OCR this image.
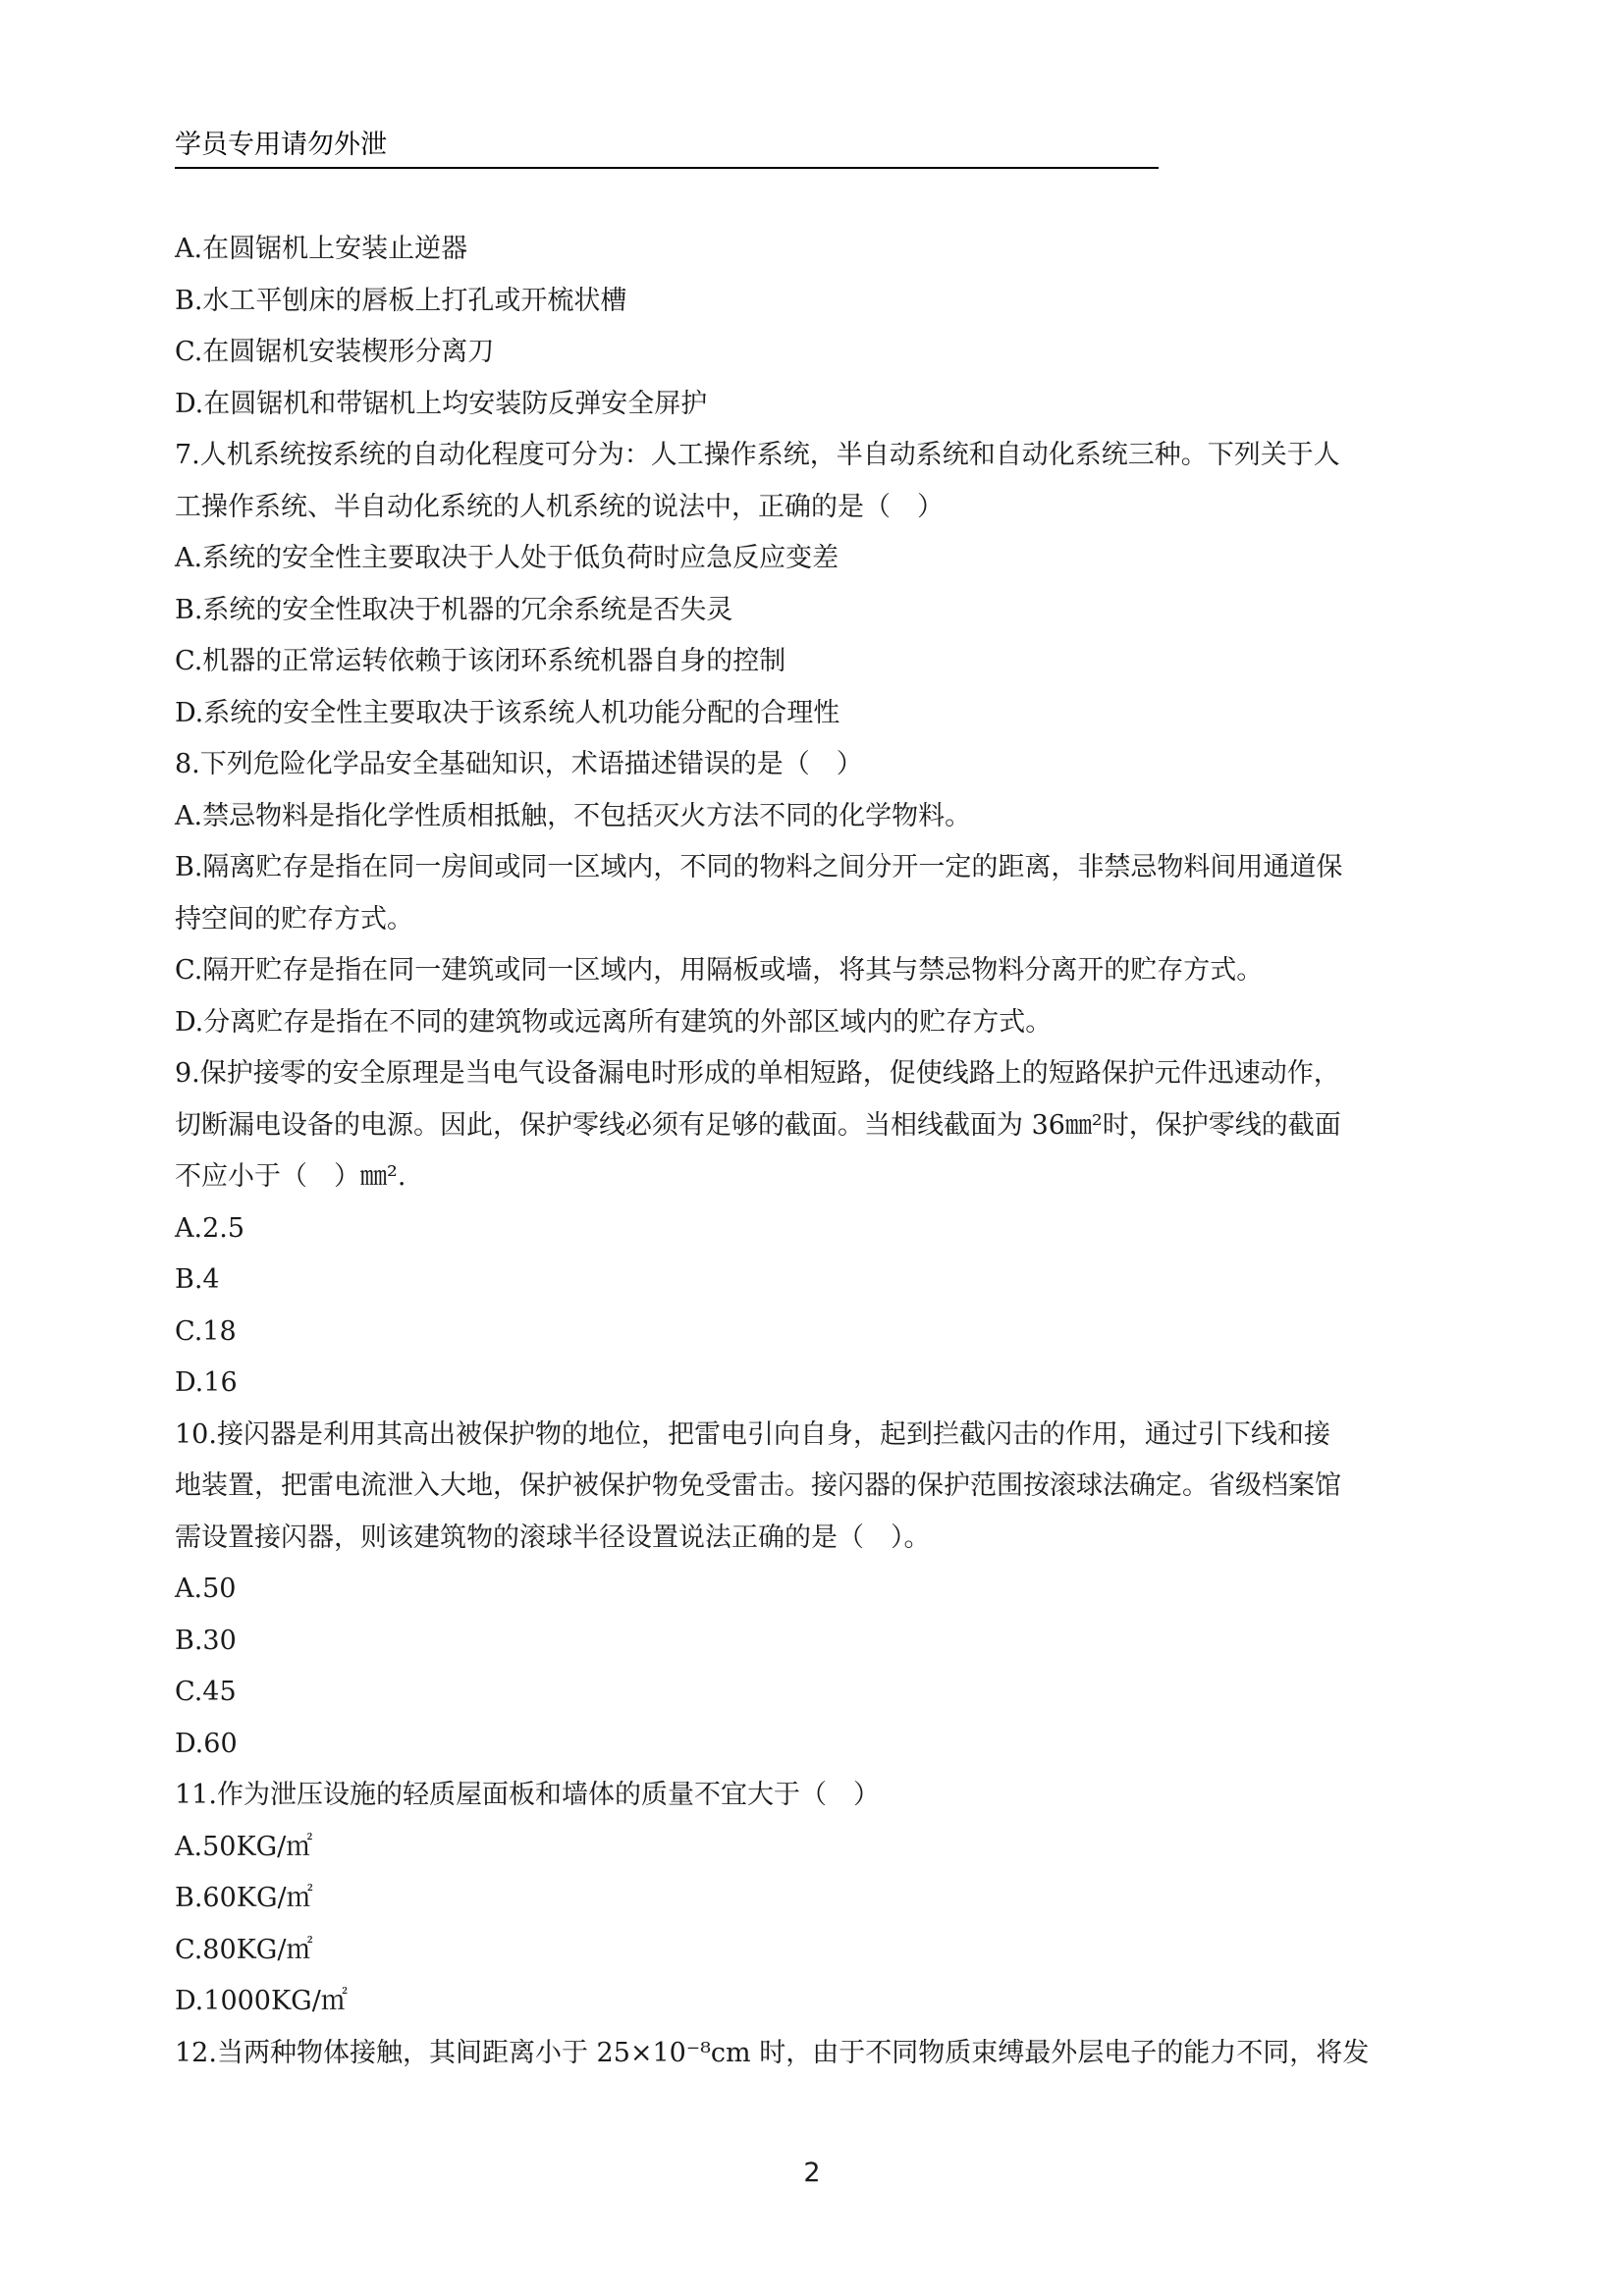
学员专用请勿外泄
A.在圆锯机上安装止逆器
B.水工平刨床的唇板上打孔或开梳状槽
C.在圆锯机安装楔形分离刀
D.在圆锯机和带锯机上均安装防反弹安全屏护
7.人机系统按系统的自动化程度可分为：人工操作系统，半自动系统和自动化系统三种。下列关于人
工操作系统、半自动化系统的人机系统的说法中，正确的是（　）
A.系统的安全性主要取决于人处于低负荷时应急反应变差
B.系统的安全性取决于机器的冗余系统是否失灵
C.机器的正常运转依赖于该闭环系统机器自身的控制
D.系统的安全性主要取决于该系统人机功能分配的合理性
8.下列危险化学品安全基础知识，术语描述错误的是（　）
A.禁忌物料是指化学性质相抵触，不包括灭火方法不同的化学物料。
B.隔离贮存是指在同一房间或同一区域内，不同的物料之间分开一定的距离，非禁忌物料间用通道保
持空间的贮存方式。
C.隔开贮存是指在同一建筑或同一区域内，用隔板或墙，将其与禁忌物料分离开的贮存方式。
D.分离贮存是指在不同的建筑物或远离所有建筑的外部区域内的贮存方式。
9.保护接零的安全原理是当电气设备漏电时形成的单相短路，促使线路上的短路保护元件迅速动作，
切断漏电设备的电源。因此，保护零线必须有足够的截面。当相线截面为 36㎜²时，保护零线的截面
不应小于（　）㎜².
A.2.5
B.4
C.18
D.16
10.接闪器是利用其高出被保护物的地位，把雷电引向自身，起到拦截闪击的作用，通过引下线和接
地装置，把雷电流泄入大地，保护被保护物免受雷击。接闪器的保护范围按滚球法确定。省级档案馆
需设置接闪器，则该建筑物的滚球半径设置说法正确的是（　）。
A.50
B.30
C.45
D.60
11.作为泄压设施的轻质屋面板和墙体的质量不宜大于（　）
A.50KG/㎡
B.60KG/㎡
C.80KG/㎡
D.1000KG/㎡
12.当两种物体接触，其间距离小于 25×10⁻⁸cm 时，由于不同物质束缚最外层电子的能力不同，将发
2
